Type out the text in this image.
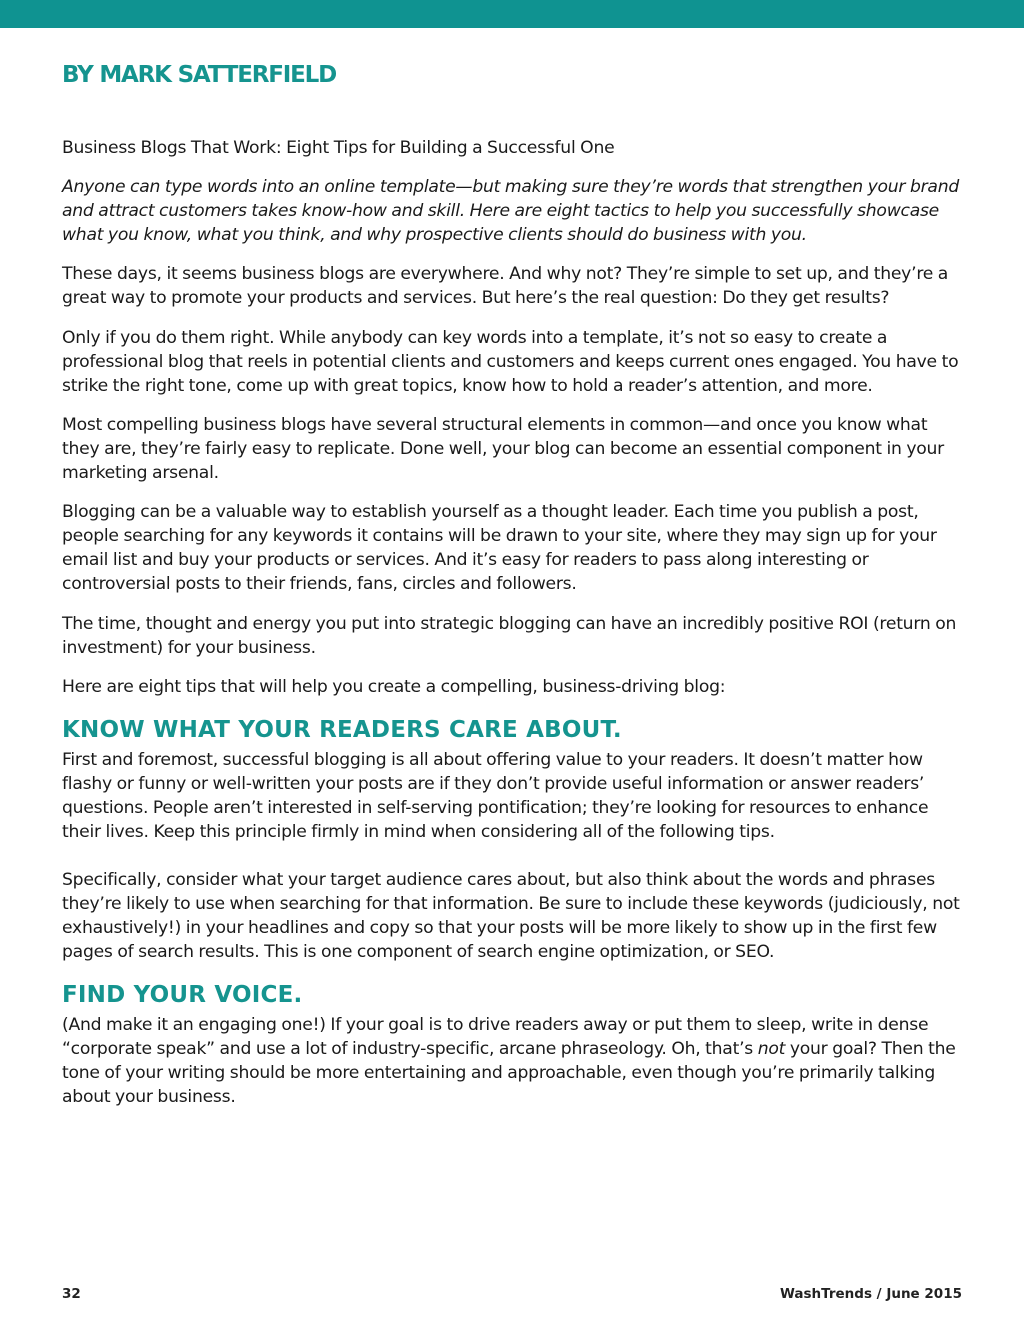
BY MARK SATTERFIELD

Business Blogs That Work: Eight Tips for Building a Successful One

Anyone can type words into an online template—but making sure they’re words that strengthen your brand and attract customers takes know-how and skill. Here are eight tactics to help you successfully showcase what you know, what you think, and why prospective clients should do business with you.

These days, it seems business blogs are everywhere. And why not? They’re simple to set up, and they’re a great way to promote your products and services. But here’s the real question: Do they get results?

Only if you do them right. While anybody can key words into a template, it’s not so easy to create a professional blog that reels in potential clients and customers and keeps current ones engaged. You have to strike the right tone, come up with great topics, know how to hold a reader’s attention, and more.

Most compelling business blogs have several structural elements in common—and once you know what they are, they’re fairly easy to replicate. Done well, your blog can become an essential component in your marketing arsenal.

Blogging can be a valuable way to establish yourself as a thought leader. Each time you publish a post, people searching for any keywords it contains will be drawn to your site, where they may sign up for your email list and buy your products or services. And it’s easy for readers to pass along interesting or controversial posts to their friends, fans, circles and followers.

The time, thought and energy you put into strategic blogging can have an incredibly positive ROI (return on investment) for your business.

Here are eight tips that will help you create a compelling, business-driving blog:

KNOW WHAT YOUR READERS CARE ABOUT.

First and foremost, successful blogging is all about offering value to your readers. It doesn’t matter how flashy or funny or well-written your posts are if they don’t provide useful information or answer readers’ questions. People aren’t interested in self-serving pontification; they’re looking for resources to enhance their lives. Keep this principle firmly in mind when considering all of the following tips.

Specifically, consider what your target audience cares about, but also think about the words and phrases they’re likely to use when searching for that information. Be sure to include these keywords (judiciously, not exhaustively!) in your headlines and copy so that your posts will be more likely to show up in the first few pages of search results. This is one component of search engine optimization, or SEO.

FIND YOUR VOICE.

(And make it an engaging one!) If your goal is to drive readers away or put them to sleep, write in dense “corporate speak” and use a lot of industry-specific, arcane phraseology. Oh, that’s not your goal? Then the tone of your writing should be more entertaining and approachable, even though you’re primarily talking about your business.

32	WashTrends / June 2015
